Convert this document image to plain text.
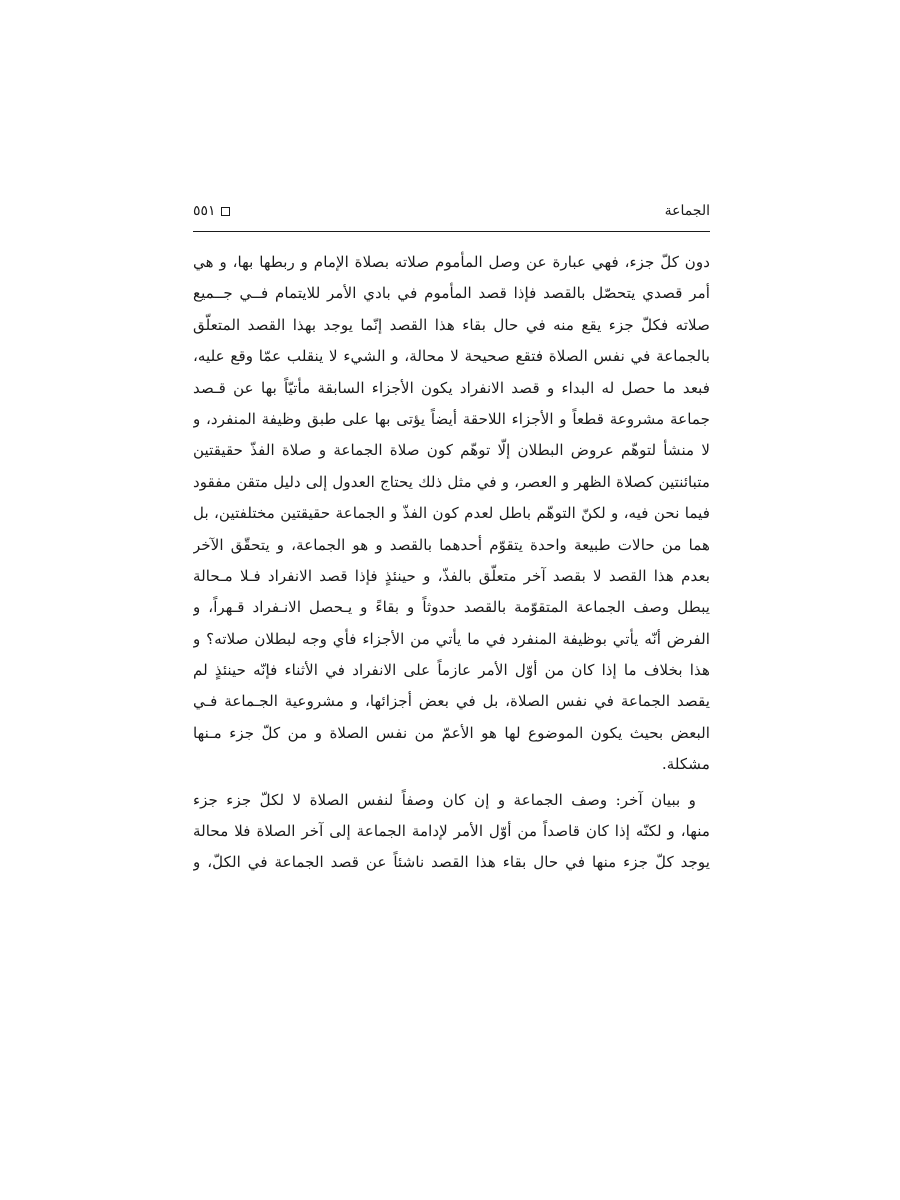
الجماعة
٥٥١
دون كلّ جزء، فهي عبارة عن وصل المأموم صلاته بصلاة الإمام و ربطها بها، و هي
أمر قصدي يتحصّل بالقصد فإذا قصد المأموم في بادي الأمر للايتمام فــي جــميع
صلاته فكلّ جزء يقع منه في حال بقاء هذا القصد إنّما يوجد بهذا القصد المتعلّق
بالجماعة في نفس الصلاة فتقع صحيحة لا محالة، و الشيء لا ينقلب عمّا وقع عليه،
فبعد ما حصل له البداء و قصد الانفراد يكون الأجزاء السابقة مأتيّاً بها عن قـصد
جماعة مشروعة قطعاً و الأجزاء اللاحقة أيضاً يؤتى بها على طبق وظيفة المنفرد، و
لا منشأ لتوهّم عروض البطلان إلّا توهّم كون صلاة الجماعة و صلاة الفذّ حقيقتين
متبائنتين كصلاة الظهر و العصر، و في مثل ذلك يحتاج العدول إلى دليل متقن مفقود
فيما نحن فيه، و لكنّ التوهّم باطل لعدم كون الفذّ و الجماعة حقيقتين مختلفتين، بل
هما من حالات طبيعة واحدة يتقوّم أحدهما بالقصد و هو الجماعة، و يتحقّق الآخر
بعدم هذا القصد لا بقصد آخر متعلّق بالفذّ، و حينئذٍ فإذا قصد الانفراد فـلا مـحالة
يبطل وصف الجماعة المتقوّمة بالقصد حدوثاً و بقاءً و يـحصل الانـفراد قـهراً، و
الفرض أنّه يأتي بوظيفة المنفرد في ما يأتي من الأجزاء فأي وجه لبطلان صلاته؟ و
هذا بخلاف ما إذا كان من أوّل الأمر عازماً على الانفراد في الأثناء فإنّه حينئذٍ لم
يقصد الجماعة في نفس الصلاة، بل في بعض أجزائها، و مشروعية الجـماعة فـي
البعض بحيث يكون الموضوع لها هو الأعمّ من نفس الصلاة و من كلّ جزء مـنها
مشكلة.
و ببيان آخر: وصف الجماعة و إن كان وصفاً لنفس الصلاة لا لكلّ جزء جزء
منها، و لكنّه إذا كان قاصداً من أوّل الأمر لإدامة الجماعة إلى آخر الصلاة فلا محالة
يوجد كلّ جزء منها في حال بقاء هذا القصد ناشئاً عن قصد الجماعة في الكلّ، و
